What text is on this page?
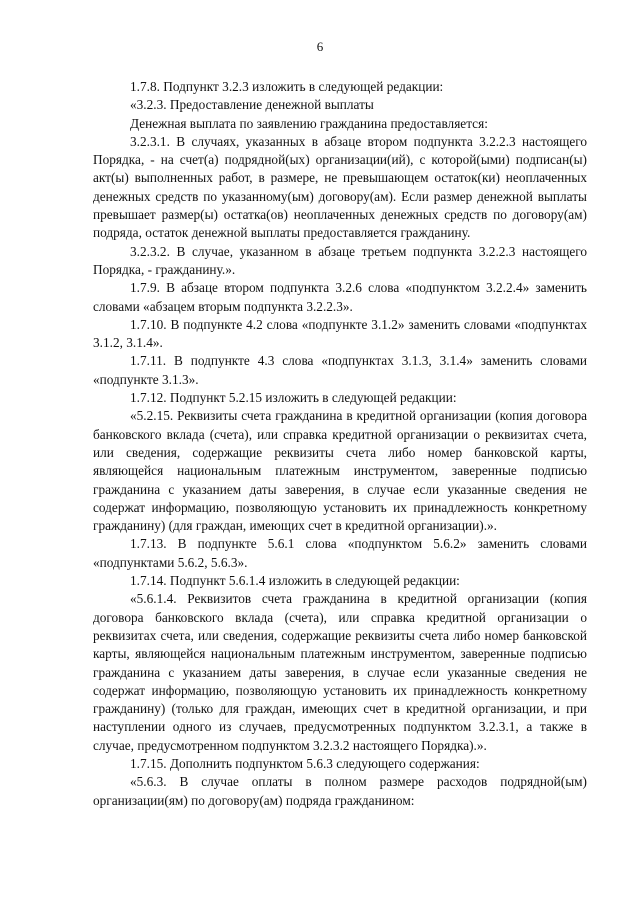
6

1.7.8. Подпункт 3.2.3 изложить в следующей редакции:

«3.2.3. Предоставление денежной выплаты

Денежная выплата по заявлению гражданина предоставляется:

3.2.3.1. В случаях, указанных в абзаце втором подпункта 3.2.2.3 настоящего Порядка, - на счет(а) подрядной(ых) организации(ий), с которой(ыми) подписан(ы) акт(ы) выполненных работ, в размере, не превышающем остаток(ки) неоплаченных денежных средств по указанному(ым) договору(ам). Если размер денежной выплаты превышает размер(ы) остатка(ов) неоплаченных денежных средств по договору(ам) подряда, остаток денежной выплаты предоставляется гражданину.

3.2.3.2. В случае, указанном в абзаце третьем подпункта 3.2.2.3 настоящего Порядка, - гражданину.».

1.7.9. В абзаце втором подпункта 3.2.6 слова «подпунктом 3.2.2.4» заменить словами «абзацем вторым подпункта 3.2.2.3».

1.7.10. В подпункте 4.2 слова «подпункте 3.1.2» заменить словами «подпунктах 3.1.2, 3.1.4».

1.7.11. В подпункте 4.3 слова «подпунктах 3.1.3, 3.1.4» заменить словами «подпункте 3.1.3».

1.7.12. Подпункт 5.2.15 изложить в следующей редакции:

«5.2.15. Реквизиты счета гражданина в кредитной организации (копия договора банковского вклада (счета), или справка кредитной организации о реквизитах счета, или сведения, содержащие реквизиты счета либо номер банковской карты, являющейся национальным платежным инструментом, заверенные подписью гражданина с указанием даты заверения, в случае если указанные сведения не содержат информацию, позволяющую установить их принадлежность конкретному гражданину) (для граждан, имеющих счет в кредитной организации).».

1.7.13. В подпункте 5.6.1 слова «подпунктом 5.6.2» заменить словами «подпунктами 5.6.2, 5.6.3».

1.7.14. Подпункт 5.6.1.4 изложить в следующей редакции:

«5.6.1.4. Реквизитов счета гражданина в кредитной организации (копия договора банковского вклада (счета), или справка кредитной организации о реквизитах счета, или сведения, содержащие реквизиты счета либо номер банковской карты, являющейся национальным платежным инструментом, заверенные подписью гражданина с указанием даты заверения, в случае если указанные сведения не содержат информацию, позволяющую установить их принадлежность конкретному гражданину) (только для граждан, имеющих счет в кредитной организации, и при наступлении одного из случаев, предусмотренных подпунктом 3.2.3.1, а также в случае, предусмотренном подпунктом 3.2.3.2 настоящего Порядка).».

1.7.15. Дополнить подпунктом 5.6.3 следующего содержания:

«5.6.3. В случае оплаты в полном размере расходов подрядной(ым) организации(ям) по договору(ам) подряда гражданином:
